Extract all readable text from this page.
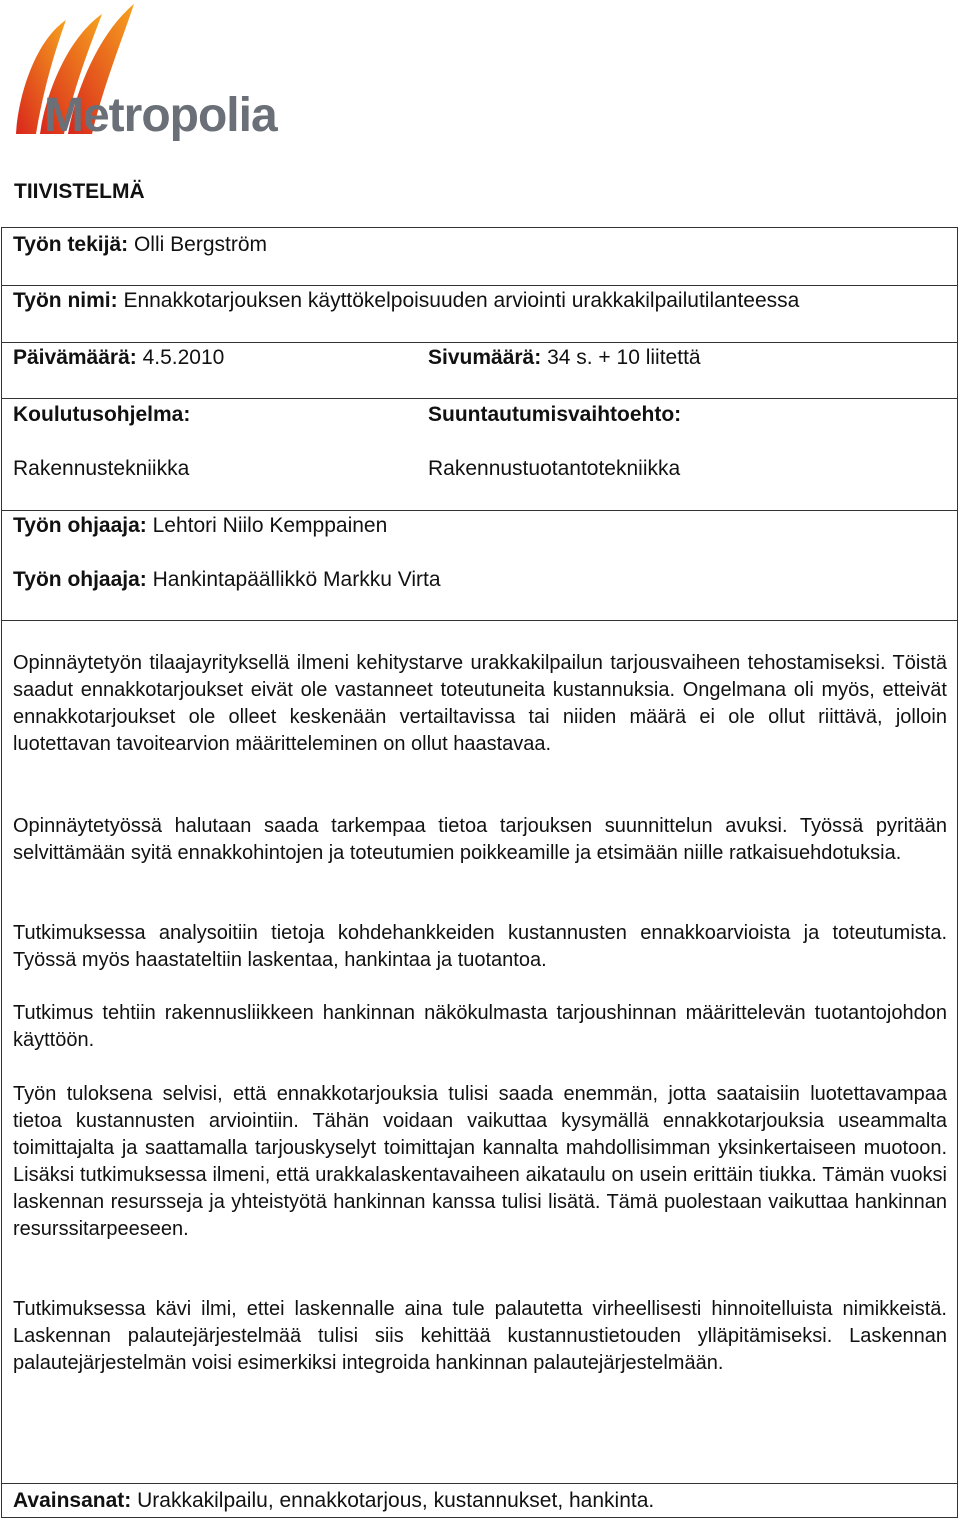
Metropolia
TIIVISTELMÄ
Työn tekijä: Olli Bergström
Työn nimi: Ennakkotarjouksen käyttökelpoisuuden arviointi urakkakilpailutilanteessa
Päivämäärä: 4.5.2010	Sivumäärä: 34 s. + 10 liitettä
Koulutusohjelma:
Rakennustekniikka
Suuntautumisvaihtoehto:
Rakennustuotantotekniikka
Työn ohjaaja: Lehtori Niilo Kemppainen
Työn ohjaaja: Hankintapäällikkö Markku Virta
Opinnäytetyön tilaajayrityksellä ilmeni kehitystarve urakkakilpailun tarjousvaiheen tehostamiseksi. Töistä saadut ennakkotarjoukset eivät ole vastanneet toteutuneita kustannuksia. Ongelmana oli myös, etteivät ennakkotarjoukset ole olleet keskenään vertailtavissa tai niiden määrä ei ole ollut riittävä, jolloin luotettavan tavoitearvion määritteleminen on ollut haastavaa.
Opinnäytetyössä halutaan saada tarkempaa tietoa tarjouksen suunnittelun avuksi. Työssä pyritään selvittämään syitä ennakkohintojen ja toteutumien poikkeamille ja etsimään niille ratkaisuehdotuksia.
Tutkimuksessa analysoitiin tietoja kohdehankkeiden kustannusten ennakkoarvioista ja toteutumista. Työssä myös haastateltiin laskentaa, hankintaa ja tuotantoa.
Tutkimus tehtiin rakennusliikkeen hankinnan näkökulmasta tarjoushinnan määrittelevän tuotantojohdon käyttöön.
Työn tuloksena selvisi, että ennakkotarjouksia tulisi saada enemmän, jotta saataisiin luotettavampaa tietoa kustannusten arviointiin. Tähän voidaan vaikuttaa kysymällä ennakkotarjouksia useammalta toimittajalta ja saattamalla tarjouskyselyt toimittajan kannalta mahdollisimman yksinkertaiseen muotoon. Lisäksi tutkimuksessa ilmeni, että urakkalaskentavaiheen aikataulu on usein erittäin tiukka. Tämän vuoksi laskennan resursseja ja yhteistyötä hankinnan kanssa tulisi lisätä. Tämä puolestaan vaikuttaa hankinnan resurssitarpeeseen.
Tutkimuksessa kävi ilmi, ettei laskennalle aina tule palautetta virheellisesti hinnoitelluista nimikkeistä. Laskennan palautejärjestelmää tulisi siis kehittää kustannustietouden ylläpitämiseksi. Laskennan palautejärjestelmän voisi esimerkiksi integroida hankinnan palautejärjestelmään.
Avainsanat: Urakkakilpailu, ennakkotarjous, kustannukset, hankinta.
